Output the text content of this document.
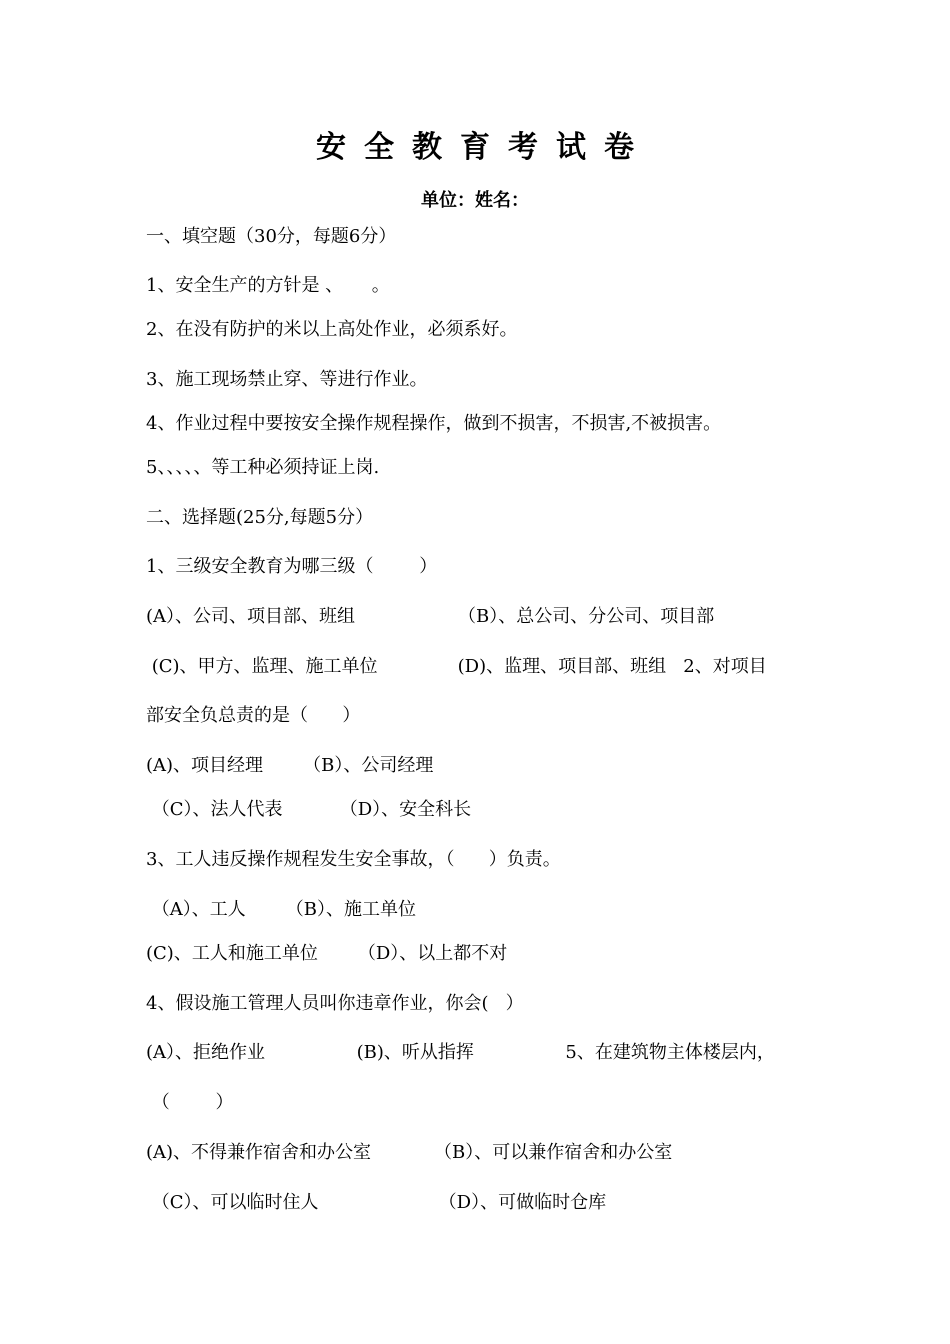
安全教育考试卷
单位：姓名：
一、填空题（30分，每题6分）
1、安全生产的方针是 、     。
2、在没有防护的米以上高处作业，必须系好。
3、施工现场禁止穿、等进行作业。
4、作业过程中要按安全操作规程操作，做到不损害，不损害,不被损害。
5、、、、、等工种必须持证上岗.
二、选择题(25分,每题5分）
1、三级安全教育为哪三级（        ）
(A）、公司、项目部、班组                  （B）、总公司、分公司、项目部
(C)、甲方、监理、施工单位              (D)、监理、项目部、班组   2、对项目
部安全负总责的是（      ）
(A)、项目经理       （B）、公司经理
（C）、法人代表          （D）、安全科长
3、工人违反操作规程发生安全事故，（      ）负责。
（A）、工人       （B）、施工单位
(C)、工人和施工单位       （D）、以上都不对
4、假设施工管理人员叫你违章作业，你会(   ）
(A）、拒绝作业                (B)、听从指挥                5、在建筑物主体楼层内，
（        ）
(A)、不得兼作宿舍和办公室           （B）、可以兼作宿舍和办公室
（C）、可以临时住人                     （D）、可做临时仓库
